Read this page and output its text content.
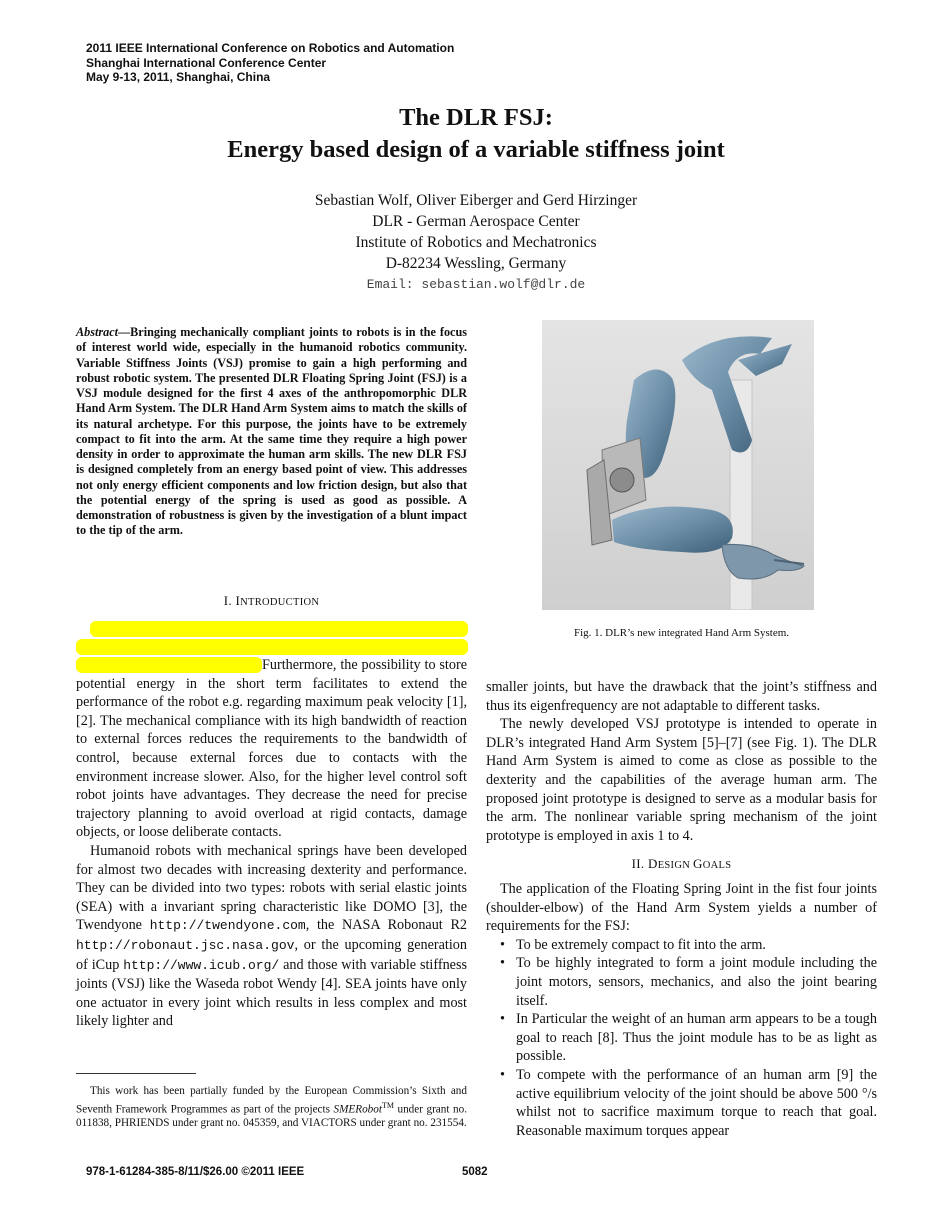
2011 IEEE International Conference on Robotics and Automation
Shanghai International Conference Center
May 9-13, 2011, Shanghai, China
The DLR FSJ:
Energy based design of a variable stiffness joint
Sebastian Wolf, Oliver Eiberger and Gerd Hirzinger
DLR - German Aerospace Center
Institute of Robotics and Mechatronics
D-82234 Wessling, Germany
Email: sebastian.wolf@dlr.de
Abstract—Bringing mechanically compliant joints to robots is in the focus of interest world wide, especially in the humanoid robotics community. Variable Stiffness Joints (VSJ) promise to gain a high performing and robust robotic system. The presented DLR Floating Spring Joint (FSJ) is a VSJ module designed for the first 4 axes of the anthropomorphic DLR Hand Arm System. The DLR Hand Arm System aims to match the skills of its natural archetype. For this purpose, the joints have to be extremely compact to fit into the arm. At the same time they require a high power density in order to approximate the human arm skills. The new DLR FSJ is designed completely from an energy based point of view. This addresses not only energy efficient components and low friction design, but also that the potential energy of the spring is used as good as possible. A demonstration of robustness is given by the investigation of a blunt impact to the tip of the arm.
I. INTRODUCTION

Furthermore, the possibility to store potential energy in the short term facilitates to extend the performance of the robot e.g. regarding maximum peak velocity [1], [2]. The mechanical compliance with its high bandwidth of reaction to external forces reduces the requirements to the bandwidth of control, because external forces due to contacts with the environment increase slower. Also, for the higher level control soft robot joints have advantages. They decrease the need for precise trajectory planning to avoid overload at rigid contacts, damage objects, or loose deliberate contacts.

Humanoid robots with mechanical springs have been developed for almost two decades with increasing dexterity and performance. They can be divided into two types: robots with serial elastic joints (SEA) with a invariant spring characteristic like DOMO [3], the Twendyone http://twendyone.com, the NASA Robonaut R2 http://robonaut.jsc.nasa.gov, or the upcoming generation of iCup http://www.icub.org/ and those with variable stiffness joints (VSJ) like the Waseda robot Wendy [4]. SEA joints have only one actuator in every joint which results in less complex and most likely lighter and

This work has been partially funded by the European Commission’s Sixth and Seventh Framework Programmes as part of the projects SMERobot™ under grant no. 011838, PHRIENDS under grant no. 045359, and VIACTORS under grant no. 231554.

Fig. 1. DLR’s new integrated Hand Arm System.

smaller joints, but have the drawback that the joint’s stiffness and thus its eigenfrequency are not adaptable to different tasks.

The newly developed VSJ prototype is intended to operate in DLR’s integrated Hand Arm System [5]–[7] (see Fig. 1). The DLR Hand Arm System is aimed to come as close as possible to the dexterity and the capabilities of the average human arm. The proposed joint prototype is designed to serve as a modular basis for the arm. The nonlinear variable spring mechanism of the joint prototype is employed in axis 1 to 4.

II. DESIGN GOALS

The application of the Floating Spring Joint in the fist four joints (shoulder-elbow) of the Hand Arm System yields a number of requirements for the FSJ:

• To be extremely compact to fit into the arm.
• To be highly integrated to form a joint module including the joint motors, sensors, mechanics, and also the joint bearing itself.
• In Particular the weight of an human arm appears to be a tough goal to reach [8]. Thus the joint module has to be as light as possible.
• To compete with the performance of an human arm [9] the active equilibrium velocity of the joint should be above 500 °/s whilst not to sacrifice maximum torque to reach that goal. Reasonable maximum torques appear
978-1-61284-385-8/11/$26.00 ©2011 IEEE	5082
